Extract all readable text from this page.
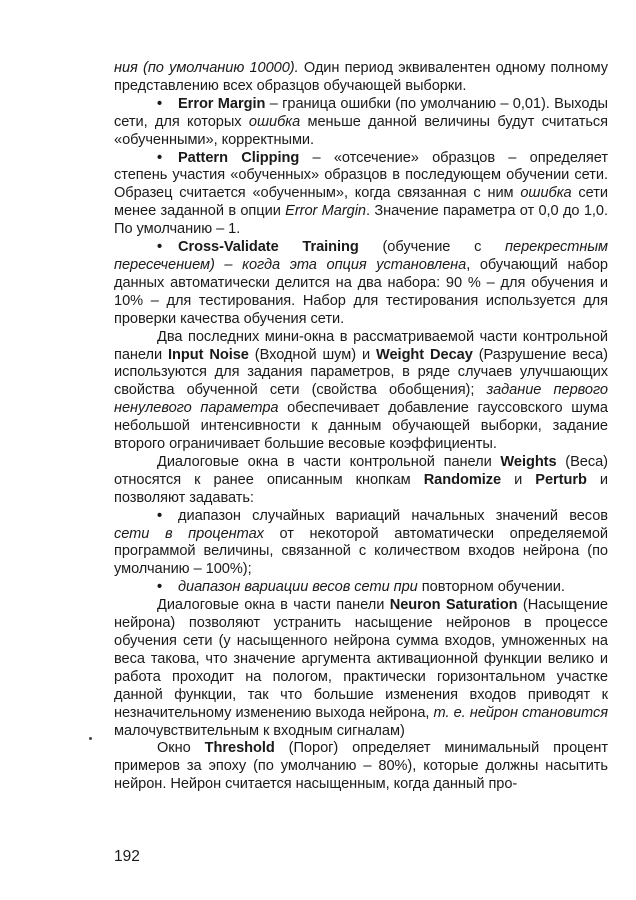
ния (по умолчанию 10000). Один период эквивалентен одному полному представлению всех образцов обучающей выборки.

• Error Margin – граница ошибки (по умолчанию – 0,01). Выходы сети, для которых ошибка меньше данной величины будут считаться «обученными», корректными.

• Pattern Clipping – «отсечение» образцов – определяет степень участия «обученных» образцов в последующем обучении сети. Образец считается «обученным», когда связанная с ним ошибка сети менее заданной в опции Error Margin. Значение параметра от 0,0 до 1,0. По умолчанию – 1.

• Cross-Validate Training (обучение с перекрестным пересечением) – когда эта опция установлена, обучающий набор данных автоматически делится на два набора: 90 % – для обучения и 10% – для тестирования. Набор для тестирования используется для проверки качества обучения сети.

Два последних мини-окна в рассматриваемой части контрольной панели Input Noise (Входной шум) и Weight Decay (Разрушение веса) используются для задания параметров, в ряде случаев улучшающих свойства обученной сети (свойства обобщения); задание первого ненулевого параметра обеспечивает добавление гауссовского шума небольшой интенсивности к данным обучающей выборки, задание второго ограничивает большие весовые коэффициенты.

Диалоговые окна в части контрольной панели Weights (Веса) относятся к ранее описанным кнопкам Randomize и Perturb и позволяют задавать:

• диапазон случайных вариаций начальных значений весов сети в процентах от некоторой автоматически определяемой программой величины, связанной с количеством входов нейрона (по умолчанию – 100%);

• диапазон вариации весов сети при повторном обучении.

Диалоговые окна в части панели Neuron Saturation (Насыщение нейрона) позволяют устранить насыщение нейронов в процессе обучения сети (у насыщенного нейрона сумма входов, умноженных на веса такова, что значение аргумента активационной функции велико и работа проходит на пологом, практически горизонтальном участке данной функции, так что большие изменения входов приводят к незначительному изменению выхода нейрона, т. е. нейрон становится малочувствительным к входным сигналам)

Окно Threshold (Порог) определяет минимальный процент примеров за эпоху (по умолчанию – 80%), которые должны насытить нейрон. Нейрон считается насыщенным, когда данный про-

192
